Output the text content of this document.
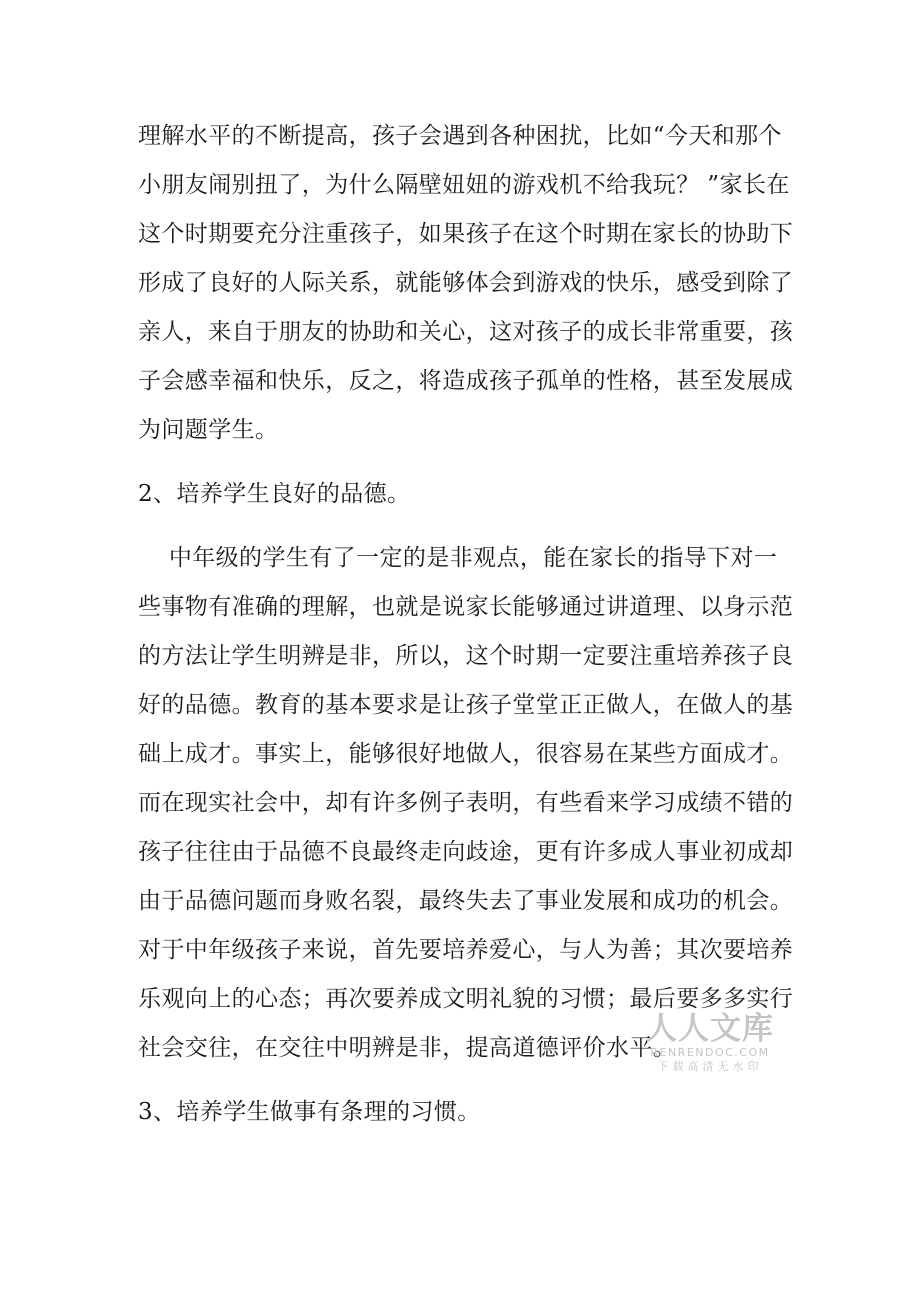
理解水平的不断提高，孩子会遇到各种困扰，比如“今天和那个
小朋友闹别扭了，为什么隔壁妞妞的游戏机不给我玩？ ”家长在
这个时期要充分注重孩子，如果孩子在这个时期在家长的协助下
形成了良好的人际关系，就能够体会到游戏的快乐，感受到除了
亲人，来自于朋友的协助和关心，这对孩子的成长非常重要，孩
子会感幸福和快乐，反之，将造成孩子孤单的性格，甚至发展成
为问题学生。
2、培养学生良好的品德。
中年级的学生有了一定的是非观点，能在家长的指导下对一
些事物有准确的理解，也就是说家长能够通过讲道理、以身示范
的方法让学生明辨是非，所以，这个时期一定要注重培养孩子良
好的品德。教育的基本要求是让孩子堂堂正正做人，在做人的基
础上成才。事实上，能够很好地做人，很容易在某些方面成才。
而在现实社会中，却有许多例子表明，有些看来学习成绩不错的
孩子往往由于品德不良最终走向歧途，更有许多成人事业初成却
由于品德问题而身败名裂，最终失去了事业发展和成功的机会。
对于中年级孩子来说，首先要培养爱心，与人为善；其次要培养
乐观向上的心态；再次要养成文明礼貌的习惯；最后要多多实行
社会交往，在交往中明辨是非，提高道德评价水平。
3、培养学生做事有条理的习惯。
人人文库
RENRENDOC.COM
下载高清无水印
